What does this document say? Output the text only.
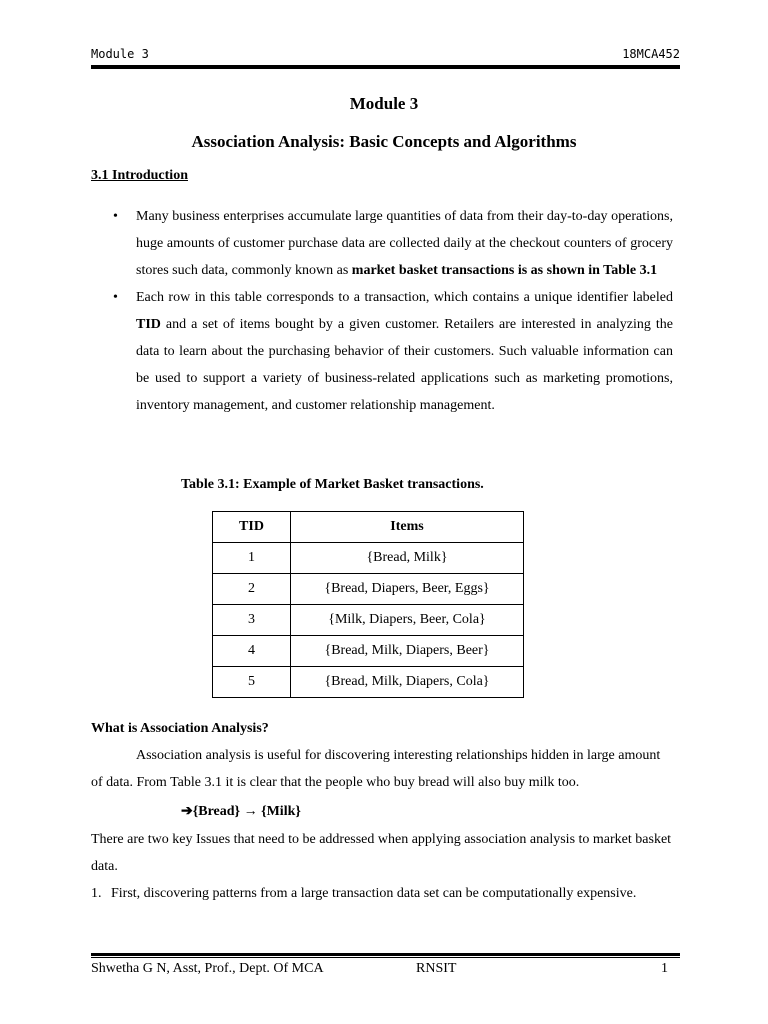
Module 3	18MCA452
Module 3
Association Analysis: Basic Concepts and Algorithms
3.1 Introduction
• Many business enterprises accumulate large quantities of data from their day-to-day operations, huge amounts of customer purchase data are collected daily at the checkout counters of grocery stores such data, commonly known as market basket transactions is as shown in Table 3.1
• Each row in this table corresponds to a transaction, which contains a unique identifier labeled TID and a set of items bought by a given customer. Retailers are interested in analyzing the data to learn about the purchasing behavior of their customers. Such valuable information can be used to support a variety of business-related applications such as marketing promotions, inventory management, and customer relationship management.
Table 3.1: Example of Market Basket transactions.
TID	Items
1	{Bread, Milk}
2	{Bread, Diapers, Beer, Eggs}
3	{Milk, Diapers, Beer, Cola}
4	{Bread, Milk, Diapers, Beer}
5	{Bread, Milk, Diapers, Cola}

What is Association Analysis?

Association analysis is useful for discovering interesting relationships hidden in large amount of data. From Table 3.1 it is clear that the people who buy bread will also buy milk too.

➔{Bread} → {Milk}

There are two key Issues that need to be addressed when applying association analysis to market basket data.

1. First, discovering patterns from a large transaction data set can be computationally expensive.
Shwetha G N, Asst, Prof., Dept. Of MCA	RNSIT	1
